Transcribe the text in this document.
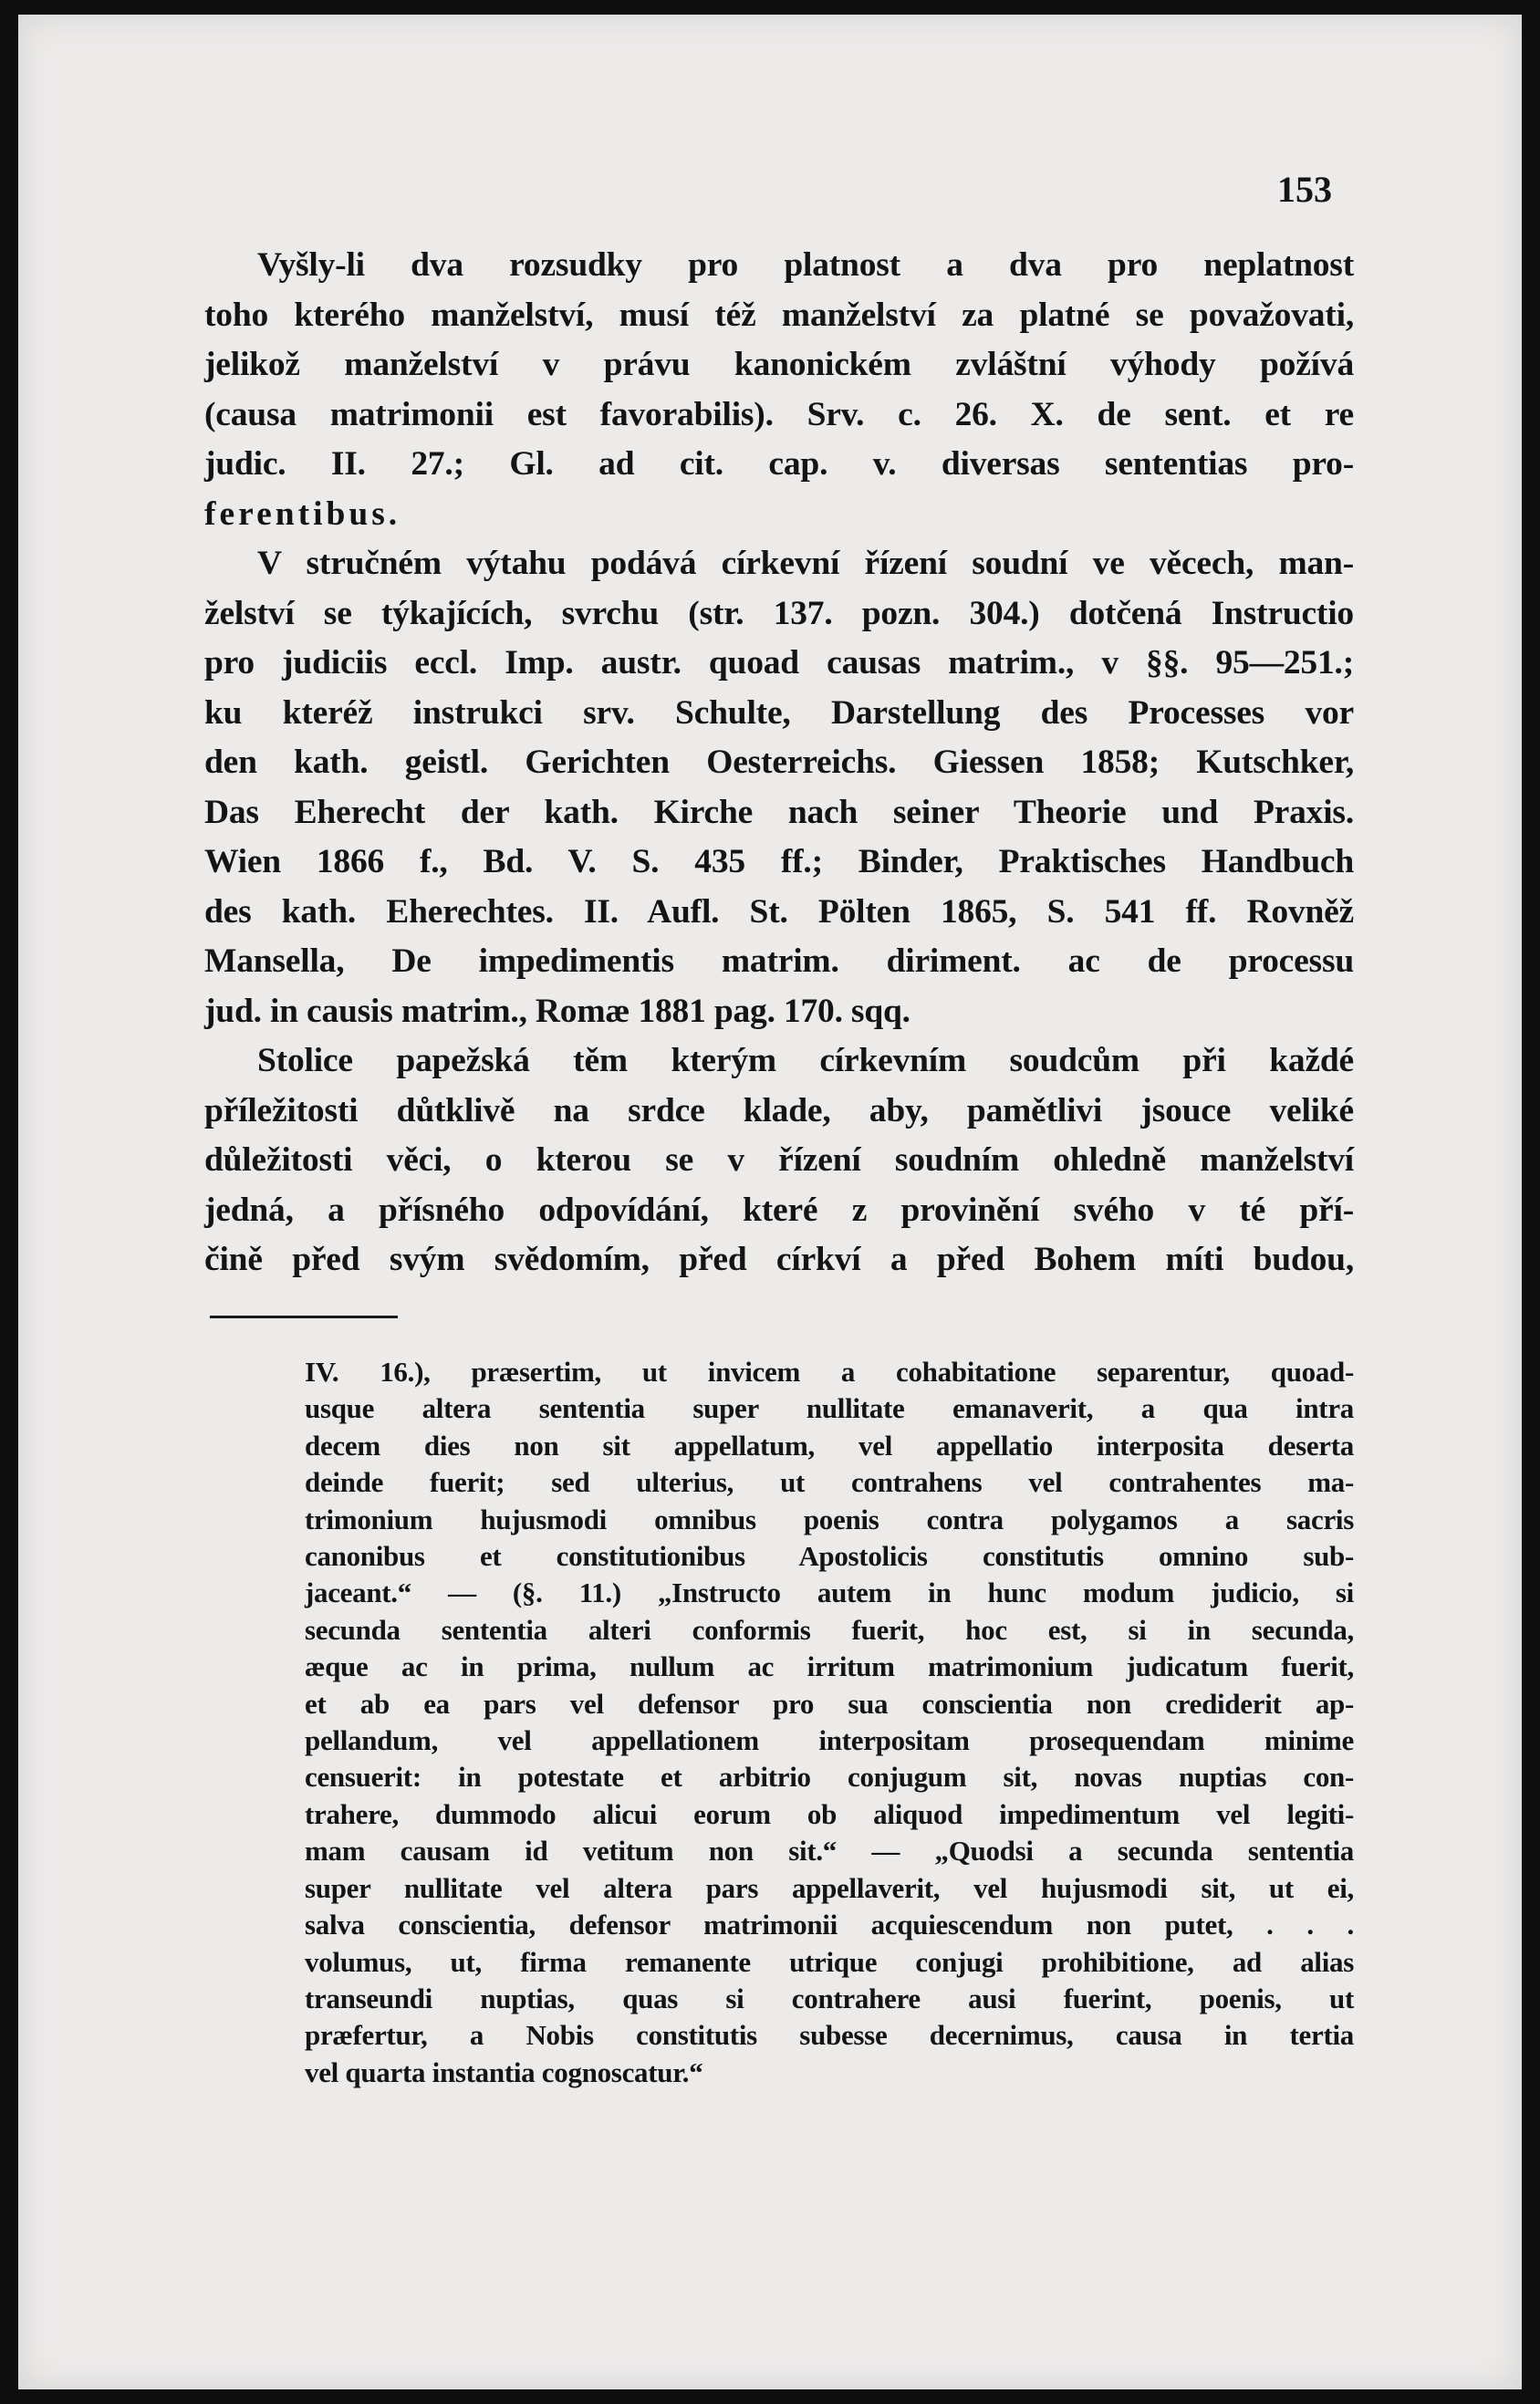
153
Vyšly-li dva rozsudky pro platnost a dva pro neplatnost
toho kterého manželství, musí též manželství za platné se považovati,
jelikož manželství v právu kanonickém zvláštní výhody požívá
(causa matrimonii est favorabilis). Srv. c. 26. X. de sent. et re
judic. II. 27.; Gl. ad cit. cap. v. diversas sententias pro-
ferentibus.
V stručném výtahu podává církevní řízení soudní ve věcech, man-
želství se týkajících, svrchu (str. 137. pozn. 304.) dotčená Instructio
pro judiciis eccl. Imp. austr. quoad causas matrim., v §§. 95—251.;
ku kteréž instrukci srv. Schulte, Darstellung des Processes vor
den kath. geistl. Gerichten Oesterreichs. Giessen 1858; Kutschker,
Das Eherecht der kath. Kirche nach seiner Theorie und Praxis.
Wien 1866 f., Bd. V. S. 435 ff.; Binder, Praktisches Handbuch
des kath. Eherechtes. II. Aufl. St. Pölten 1865, S. 541 ff. Rovněž
Mansella, De impedimentis matrim. diriment. ac de processu
jud. in causis matrim., Romæ 1881 pag. 170. sqq.
Stolice papežská těm kterým církevním soudcům při každé
příležitosti důtklivě na srdce klade, aby, pamětlivi jsouce veliké
důležitosti věci, o kterou se v řízení soudním ohledně manželství
jedná, a přísného odpovídání, které z provinění svého v té pří-
čině před svým svědomím, před církví a před Bohem míti budou,
IV. 16.), præsertim, ut invicem a cohabitatione separentur, quoad-
usque altera sententia super nullitate emanaverit, a qua intra
decem dies non sit appellatum, vel appellatio interposita deserta
deinde fuerit; sed ulterius, ut contrahens vel contrahentes ma-
trimonium hujusmodi omnibus poenis contra polygamos a sacris
canonibus et constitutionibus Apostolicis constitutis omnino sub-
jaceant.“ — (§. 11.) „Instructo autem in hunc modum judicio, si
secunda sententia alteri conformis fuerit, hoc est, si in secunda,
æque ac in prima, nullum ac irritum matrimonium judicatum fuerit,
et ab ea pars vel defensor pro sua conscientia non crediderit ap-
pellandum, vel appellationem interpositam prosequendam minime
censuerit: in potestate et arbitrio conjugum sit, novas nuptias con-
trahere, dummodo alicui eorum ob aliquod impedimentum vel legiti-
mam causam id vetitum non sit.“ — „Quodsi a secunda sententia
super nullitate vel altera pars appellaverit, vel hujusmodi sit, ut ei,
salva conscientia, defensor matrimonii acquiescendum non putet, . . .
volumus, ut, firma remanente utrique conjugi prohibitione, ad alias
transeundi nuptias, quas si contrahere ausi fuerint, poenis, ut
præfertur, a Nobis constitutis subesse decernimus, causa in tertia
vel quarta instantia cognoscatur.“
